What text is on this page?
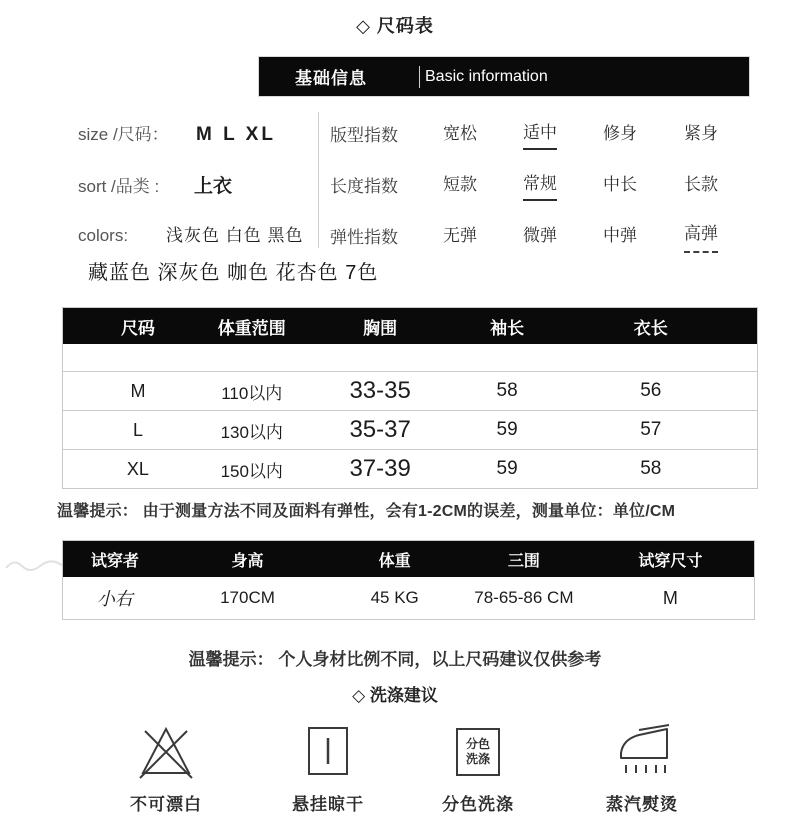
◇ 尺码表
基础信息	Basic information
size /尺码： M L XL
sort /品类 : 上衣
colors: 浅灰色 白色 黑色
藏蓝色 深灰色 咖色 花杏色 7色
版型指数	宽松	适中	修身	紧身
长度指数	短款	常规	中长	长款
弹性指数	无弹	微弹	中弹	高弹
尺码	体重范围	胸围	袖长	衣长
M	110以内	33-35	58	56
L	130以内	35-37	59	57
XL	150以内	37-39	59	58
温馨提示： 由于测量方法不同及面料有弹性，会有1-2CM的误差，测量单位：单位/CM
试穿者	身高	体重	三围	试穿尺寸
小右	170CM	45 KG	78-65-86 CM	M
温馨提示： 个人身材比例不同，以上尺码建议仅供参考
◇ 洗涤建议
不可漂白	悬挂晾干
分色
洗涤
分色洗涤	蒸汽熨烫
